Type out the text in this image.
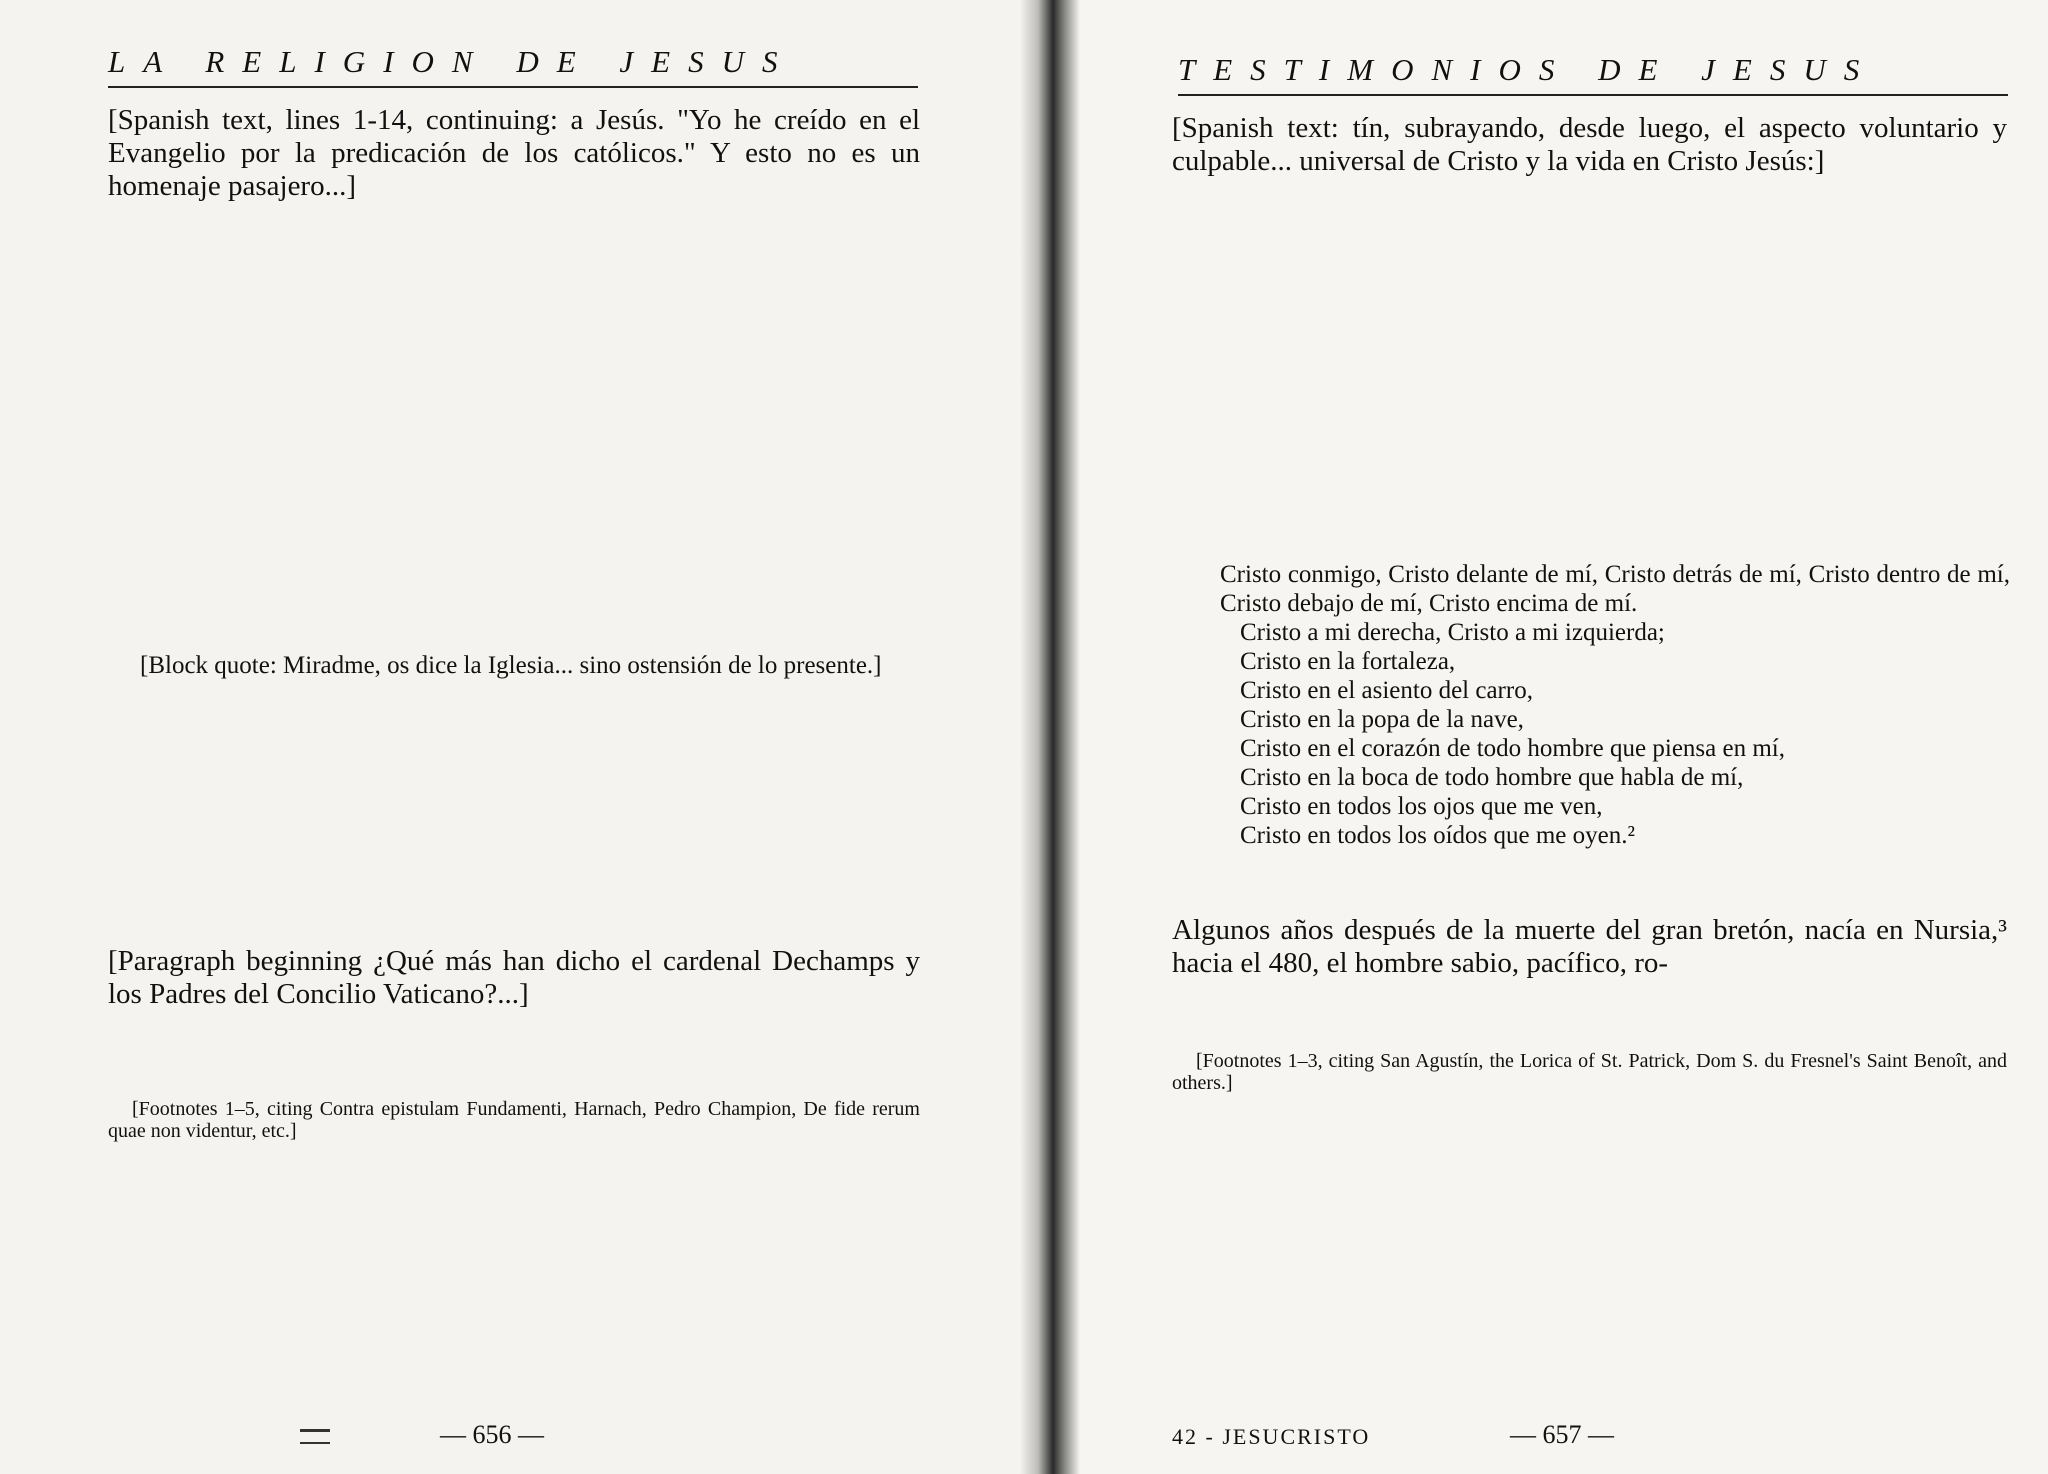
LA RELIGION DE JESUS

[Spanish text, lines 1-14, continuing: a Jesús. "Yo he creído en el Evangelio por la predicación de los católicos." Y esto no es un homenaje pasajero...]

[Block quote: Miradme, os dice la Iglesia... sino ostensión de lo presente.]

[Paragraph beginning ¿Qué más han dicho el cardenal Dechamps y los Padres del Concilio Vaticano?...]

[Footnotes 1–5, citing Contra epistulam Fundamenti, Harnach, Pedro Champion, De fide rerum quae non videntur, etc.]

— 656 —
TESTIMONIOS DE JESUS

[Spanish text: tín, subrayando, desde luego, el aspecto voluntario y culpable... universal de Cristo y la vida en Cristo Jesús:]

Cristo conmigo, Cristo delante de mí, Cristo detrás de mí, Cristo dentro de mí, Cristo debajo de mí, Cristo encima de mí.

Cristo a mi derecha, Cristo a mi izquierda;

Cristo en la fortaleza,

Cristo en el asiento del carro,

Cristo en la popa de la nave,

Cristo en el corazón de todo hombre que piensa en mí,

Cristo en la boca de todo hombre que habla de mí,

Cristo en todos los ojos que me ven,

Cristo en todos los oídos que me oyen.²

Algunos años después de la muerte del gran bretón, nacía en Nursia,³ hacia el 480, el hombre sabio, pacífico, ro-

[Footnotes 1–3, citing San Agustín, the Lorica of St. Patrick, Dom S. du Fresnel's Saint Benoît, and others.]

42 - JESUCRISTO	— 657 —
